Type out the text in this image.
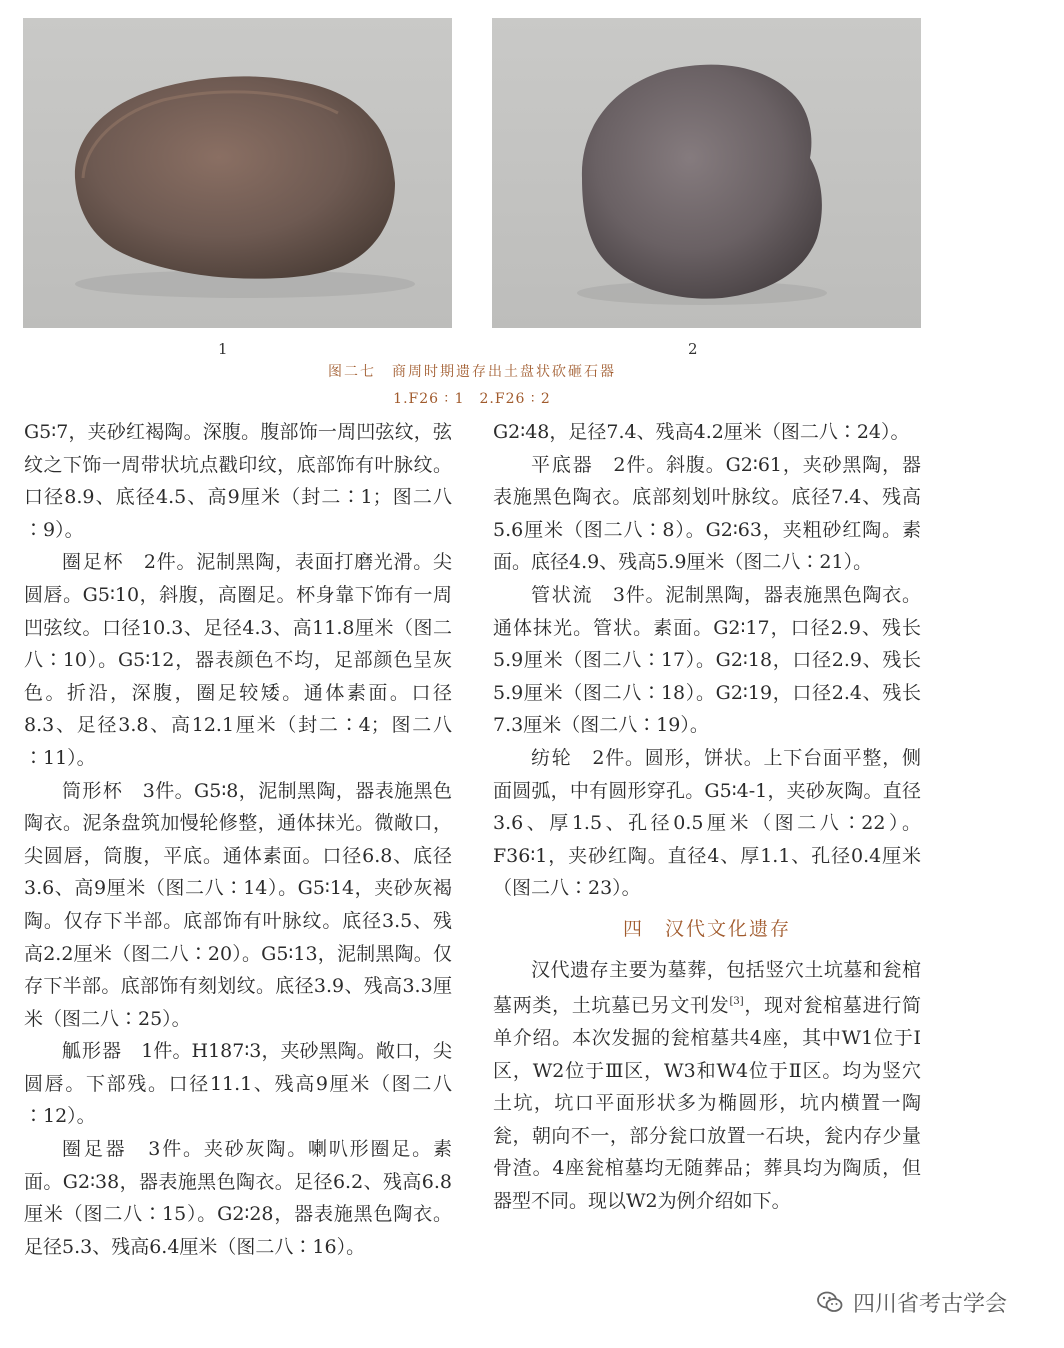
1	2
图二七　商周时期遗存出土盘状砍砸石器
1.F26 ∶ 1　2.F26 ∶ 2

G5∶7，夹砂红褐陶。深腹。腹部饰一周凹弦纹，弦纹之下饰一周带状坑点戳印纹，底部饰有叶脉纹。口径8.9、底径4.5、高9厘米（封二∶1；图二八∶9）。

圈足杯　2件。泥制黑陶，表面打磨光滑。尖圆唇。G5∶10，斜腹，高圈足。杯身靠下饰有一周凹弦纹。口径10.3、足径4.3、高11.8厘米（图二八∶10）。G5∶12，器表颜色不均，足部颜色呈灰色。折沿，深腹，圈足较矮。通体素面。口径8.3、足径3.8、高12.1厘米（封二∶4；图二八∶11）。

筒形杯　3件。G5∶8，泥制黑陶，器表施黑色陶衣。泥条盘筑加慢轮修整，通体抹光。微敞口，尖圆唇，筒腹，平底。通体素面。口径6.8、底径3.6、高9厘米（图二八∶14）。G5∶14，夹砂灰褐陶。仅存下半部。底部饰有叶脉纹。底径3.5、残高2.2厘米（图二八∶20）。G5∶13，泥制黑陶。仅存下半部。底部饰有刻划纹。底径3.9、残高3.3厘米（图二八∶25）。

觚形器　1件。H187∶3，夹砂黑陶。敞口，尖圆唇。下部残。口径11.1、残高9厘米（图二八∶12）。

圈足器　3件。夹砂灰陶。喇叭形圈足。素面。G2∶38，器表施黑色陶衣。足径6.2、残高6.8厘米（图二八∶15）。G2∶28，器表施黑色陶衣。足径5.3、残高6.4厘米（图二八∶16）。

G2∶48，足径7.4、残高4.2厘米（图二八∶24）。

平底器　2件。斜腹。G2∶61，夹砂黑陶，器表施黑色陶衣。底部刻划叶脉纹。底径7.4、残高5.6厘米（图二八∶8）。G2∶63，夹粗砂红陶。素面。底径4.9、残高5.9厘米（图二八∶21）。

管状流　3件。泥制黑陶，器表施黑色陶衣。通体抹光。管状。素面。G2∶17，口径2.9、残长5.9厘米（图二八∶17）。G2∶18，口径2.9、残长5.9厘米（图二八∶18）。G2∶19，口径2.4、残长7.3厘米（图二八∶19）。

纺轮　2件。圆形，饼状。上下台面平整，侧面圆弧，中有圆形穿孔。G5∶4-1，夹砂灰陶。直径3.6、厚1.5、孔径0.5厘米（图二八∶22）。F36∶1，夹砂红陶。直径4、厚1.1、孔径0.4厘米（图二八∶23）。

四　汉代文化遗存

汉代遗存主要为墓葬，包括竖穴土坑墓和瓮棺墓两类，土坑墓已另文刊发[3]，现对瓮棺墓进行简单介绍。本次发掘的瓮棺墓共4座，其中W1位于Ⅰ区，W2位于Ⅲ区，W3和W4位于Ⅱ区。均为竖穴土坑，坑口平面形状多为椭圆形，坑内横置一陶瓮，朝向不一，部分瓮口放置一石块，瓮内存少量骨渣。4座瓮棺墓均无随葬品；葬具均为陶质，但器型不同。现以W2为例介绍如下。

四川省考古学会
